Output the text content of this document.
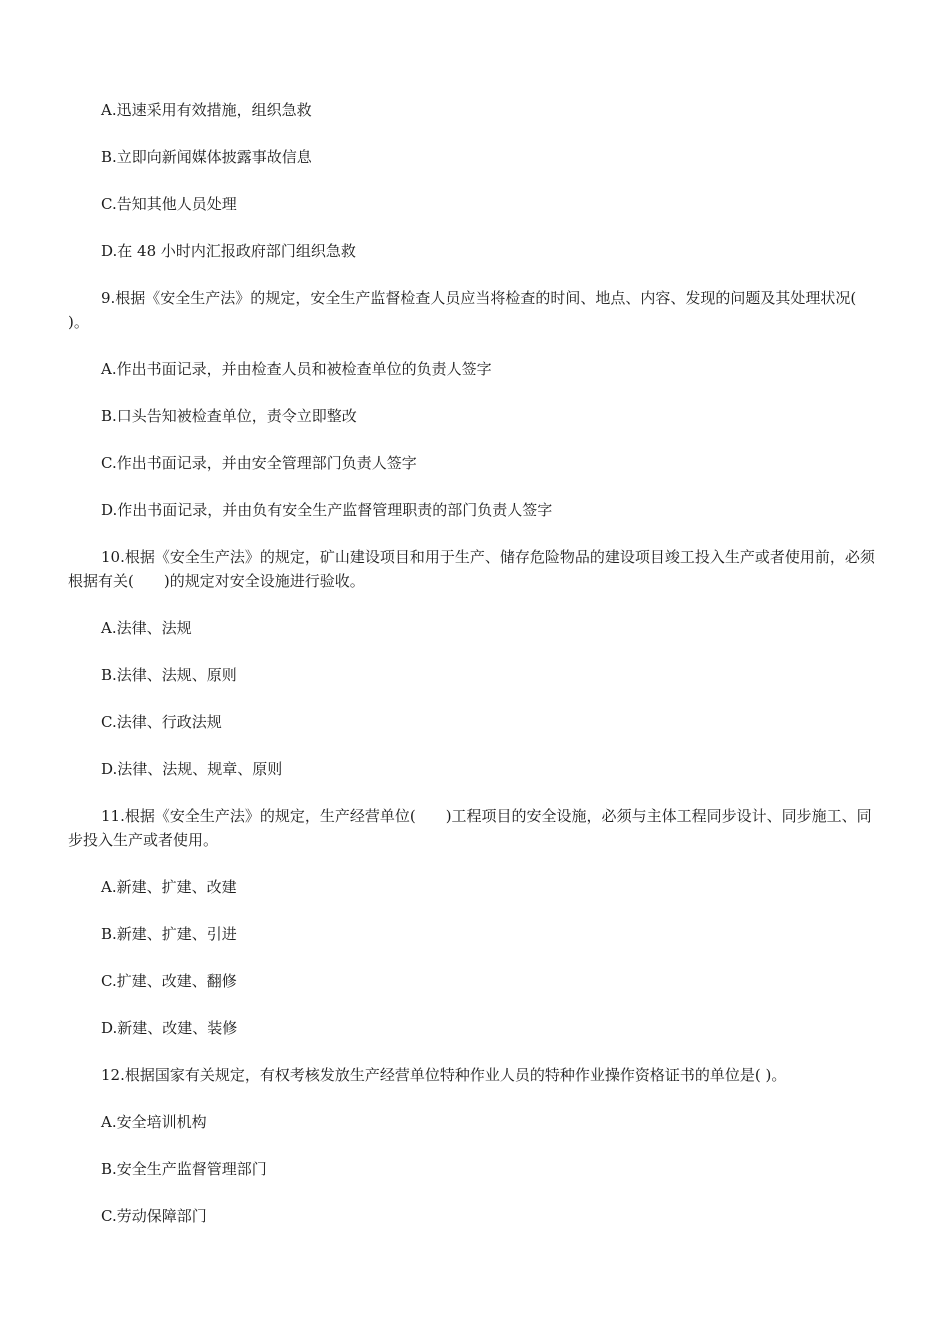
A.迅速采用有效措施，组织急救

B.立即向新闻媒体披露事故信息

C.告知其他人员处理

D.在 48 小时内汇报政府部门组织急救

9.根据《安全生产法》的规定，安全生产监督检查人员应当将检查的时间、地点、内容、发现的问题及其处理状况(　　)。

A.作出书面记录，并由检查人员和被检查单位的负责人签字

B.口头告知被检查单位，责令立即整改

C.作出书面记录，并由安全管理部门负责人签字

D.作出书面记录，并由负有安全生产监督管理职责的部门负责人签字

10.根据《安全生产法》的规定，矿山建设项目和用于生产、储存危险物品的建设项目竣工投入生产或者使用前，必须根据有关(　　)的规定对安全设施进行验收。

A.法律、法规

B.法律、法规、原则

C.法律、行政法规

D.法律、法规、规章、原则

11.根据《安全生产法》的规定，生产经营单位(　　)工程项目的安全设施，必须与主体工程同步设计、同步施工、同步投入生产或者使用。

A.新建、扩建、改建

B.新建、扩建、引进

C.扩建、改建、翻修

D.新建、改建、装修

12.根据国家有关规定，有权考核发放生产经营单位特种作业人员的特种作业操作资格证书的单位是( )。

A.安全培训机构

B.安全生产监督管理部门

C.劳动保障部门
